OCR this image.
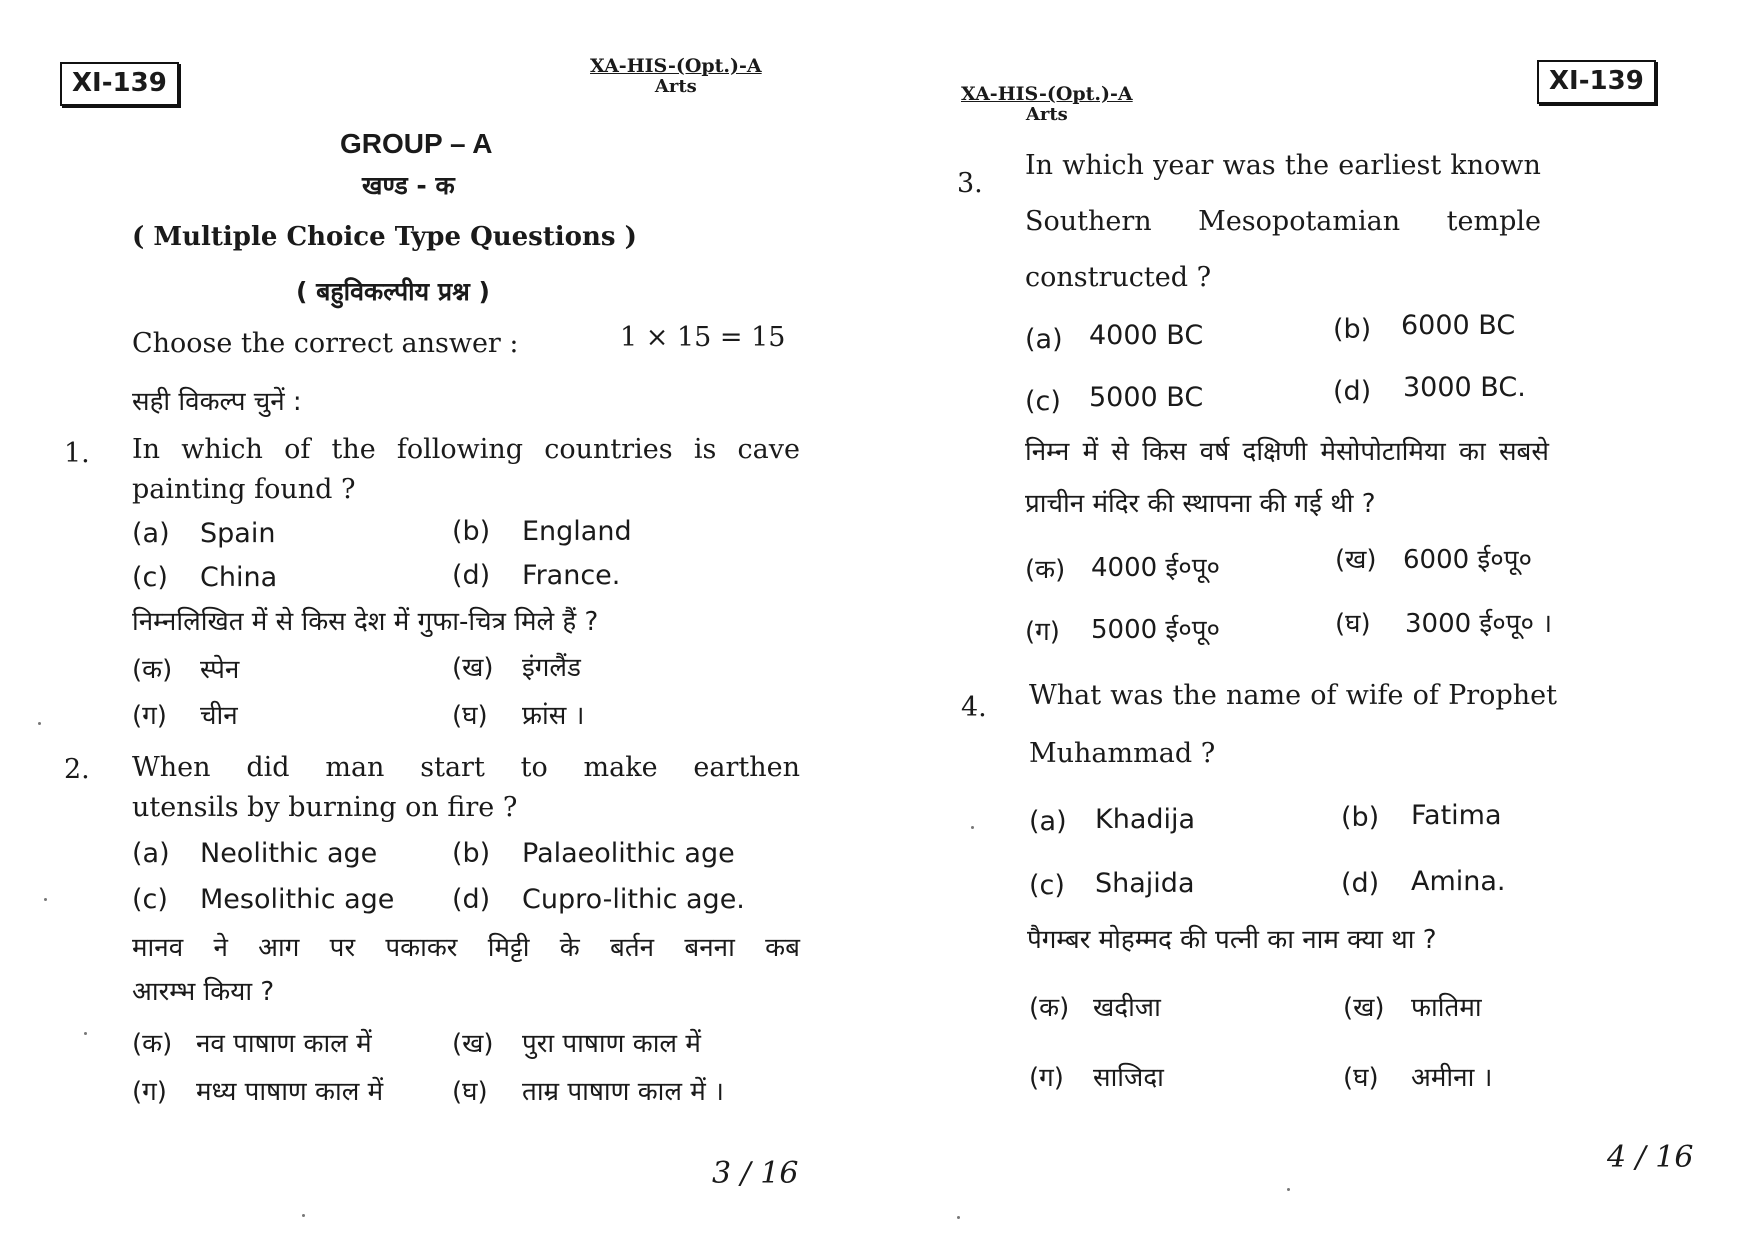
XI-139
XA-HIS-(Opt.)-A
Arts
GROUP – A
खण्ड - क
( Multiple Choice Type Questions )
( बहुविकल्पीय प्रश्न )
Choose the correct answer :	1 × 15 = 15
सही विकल्प चुनें :
1. In which of the following countries is cave
painting found ?
(a) Spain	(b) England
(c) China	(d) France.
निम्नलिखित में से किस देश में गुफा-चित्र मिले हैं ?
(क) स्पेन	(ख) इंगलैंड
(ग) चीन	(घ) फ्रांस ।
2. When did man start to make earthen
utensils by burning on fire ?
(a) Neolithic age	(b) Palaeolithic age
(c) Mesolithic age (d) Cupro-lithic age.
मानव ने आग पर पकाकर मिट्टी के बर्तन बनना कब
आरम्भ किया ?
(क) नव पाषाण काल में	(ख) पुरा पाषाण काल में
(ग) मध्य पाषाण काल में	(घ) ताम्र पाषाण काल में ।
3 / 16
XA-HIS-(Opt.)-A
Arts
XI-139
3.
In which year was the earliest known
Southern Mesopotamian temple
constructed ?
(a) 4000 BC	(b) 6000 BC
(c) 5000 BC	(d) 3000 BC.
निम्न में से किस वर्ष दक्षिणी मेसोपोटामिया का सबसे
प्राचीन मंदिर की स्थापना की गई थी ?
(क) 4000 ई०पू०	(ख) 6000 ई०पू०
(ग) 5000 ई०पू०	(घ) 3000 ई०पू० ।
4. What was the name of wife of Prophet
Muhammad ?
(a) Khadija	(b) Fatima
(c) Shajida	(d) Amina.
पैगम्बर मोहम्मद की पत्नी का नाम क्या था ?
(क) खदीजा	(ख) फातिमा
(ग) साजिदा	(घ) अमीना ।
4 / 16
